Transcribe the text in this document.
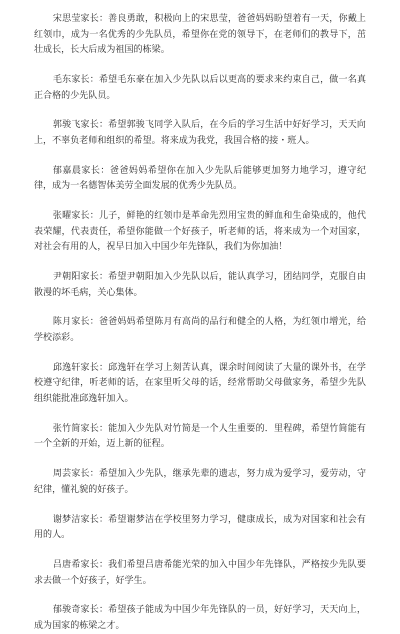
宋思莹家长：善良勇敢，积极向上的宋思莹，爸爸妈妈盼望着有一天，你戴上红领巾，成为一名优秀的少先队员，希望你在党的领导下，在老师们的教导下，茁壮成长，长大后成为祖国的栋梁。

毛东家长：希望毛东豪在加入少先队以后以更高的要求来约束自己，做一名真正合格的少先队员。

郭骏飞家长：希望郭骏飞同学入队后，在今后的学习生活中好好学习，天天向上，不辜负老师和组织的希望。将来成为我党，我国合格的接・班人。

郁嘉晨家长：爸爸妈妈希望你在加入少先队后能够更加努力地学习，遵守纪律，成为一名德智体美劳全面发展的优秀少先队员。

张曜家长：儿子，鲜艳的红领巾是革命先烈用宝贵的鲜血和生命染成的，他代表荣耀，代表责任，希望你能做一个好孩子，听老师的话，将来成为一个对国家，对社会有用的人，祝早日加入中国少年先锋队，我们为你加油！

尹朝阳家长：希望尹朝阳加入少先队以后，能认真学习，团结同学，克服自由散漫的坏毛病，关心集体。

陈月家长：爸爸妈妈希望陈月有高尚的品行和健全的人格，为红领巾增光，给学校添彩。

邱逸轩家长：邱逸轩在学习上刻苦认真，课余时间阅读了大量的课外书，在学校遵守纪律，听老师的话，在家里听父母的话，经常帮助父母做家务，希望少先队组织能批准邱逸轩加入。

张竹简家长：能加入少先队对竹简是一个人生重要的．里程碑，希望竹简能有一个全新的开始，迈上新的征程。

周芸家长：希望加入少先队，继承先辈的遗志，努力成为爱学习，爱劳动，守纪律，懂礼貌的好孩子。

谢梦洁家长：希望谢梦洁在学校里努力学习，健康成长，成为对国家和社会有用的人。

吕唐希家长：我们希望吕唐希能光荣的加入中国少年先锋队，严格按少先队要求去做一个好孩子，好学生。

郁骏奇家长：希望孩子能成为中国少年先锋队的一员，好好学习，天天向上，成为国家的栋梁之才。
